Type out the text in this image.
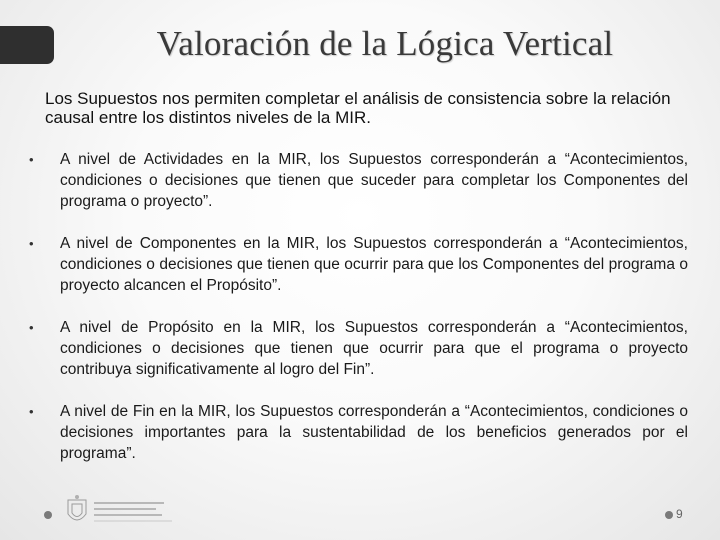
Valoración de la Lógica Vertical

Los Supuestos nos permiten completar el análisis de consistencia sobre la relación causal entre los distintos niveles de la MIR.

• A nivel de Actividades en la MIR, los Supuestos corresponderán a “Acontecimientos, condiciones o decisiones que tienen que suceder para completar los Componentes del programa o proyecto”.
• A nivel de Componentes en la MIR, los Supuestos corresponderán a “Acontecimientos, condiciones o decisiones que tienen que ocurrir para que los Componentes del programa o proyecto alcancen el Propósito”.
• A nivel de Propósito en la MIR, los Supuestos corresponderán a “Acontecimientos, condiciones o decisiones que tienen que ocurrir para que el programa o proyecto contribuya significativamente al logro del Fin”.
• A nivel de Fin en la MIR, los Supuestos corresponderán a “Acontecimientos, condiciones o decisiones importantes para la sustentabilidad de los beneficios generados por el programa”.
9
